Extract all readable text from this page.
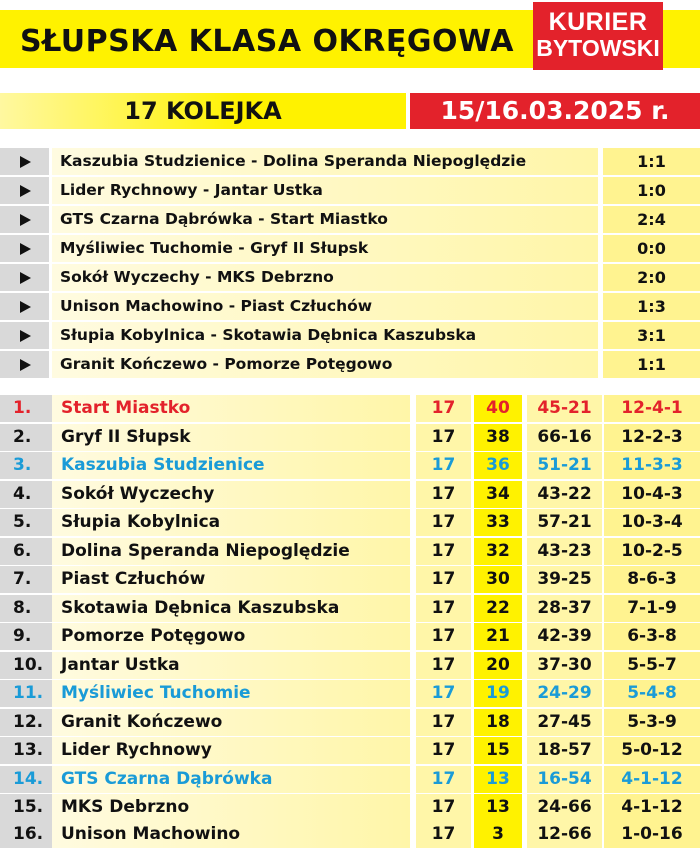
SŁUPSKA KLASA OKRĘGOWA
KURIER
BYTOWSKI
17 KOLEJKA	15/16.03.2025 r.
Kaszubia Studzienice - Dolina Speranda Niepoględzie	1:1
Lider Rychnowy - Jantar Ustka	1:0
GTS Czarna Dąbrówka - Start Miastko	2:4
Myśliwiec Tuchomie - Gryf II Słupsk	0:0
Sokół Wyczechy - MKS Debrzno	2:0
Unison Machowino - Piast Człuchów	1:3
Słupia Kobylnica - Skotawia Dębnica Kaszubska	3:1
Granit Kończewo - Pomorze Potęgowo	1:1
1.	Start Miastko	17	40	45-21	12-4-1
2.	Gryf II Słupsk	17	38	66-16	12-2-3
3.	Kaszubia Studzienice	17	36	51-21	11-3-3
4.	Sokół Wyczechy	17	34	43-22	10-4-3
5.	Słupia Kobylnica	17	33	57-21	10-3-4
6.	Dolina Speranda Niepoględzie	17	32	43-23	10-2-5
7.	Piast Człuchów	17	30	39-25	8-6-3
8.	Skotawia Dębnica Kaszubska	17	22	28-37	7-1-9
9.	Pomorze Potęgowo	17	21	42-39	6-3-8
10.	Jantar Ustka	17	20	37-30	5-5-7
11.	Myśliwiec Tuchomie	17	19	24-29	5-4-8
12.	Granit Kończewo	17	18	27-45	5-3-9
13.	Lider Rychnowy	17	15	18-57	5-0-12
14.	GTS Czarna Dąbrówka	17	13	16-54	4-1-12
15.	MKS Debrzno	17	13	24-66	4-1-12
16.	Unison Machowino	17	3	12-66	1-0-16
